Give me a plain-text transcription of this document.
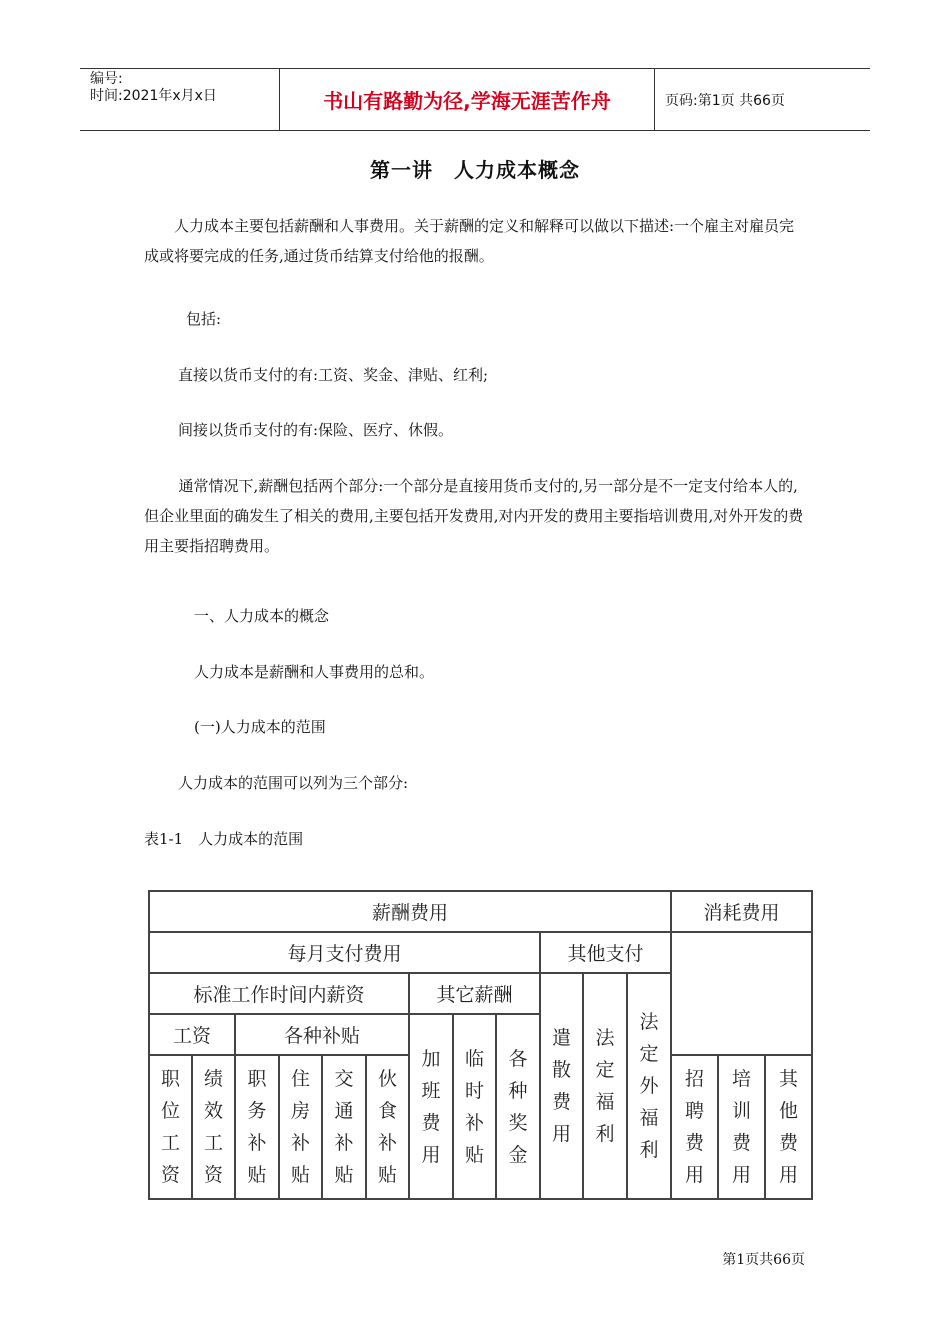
编号:
时间:2021年x月x日	书山有路勤为径,学海无涯苦作舟	页码:第1页 共66页
第一讲　人力成本概念

人力成本主要包括薪酬和人事费用。关于薪酬的定义和解释可以做以下描述:一个雇主对雇员完成或将要完成的任务,通过货币结算支付给他的报酬。

包括:

直接以货币支付的有:工资、奖金、津贴、红利;

间接以货币支付的有:保险、医疗、休假。

通常情况下,薪酬包括两个部分:一个部分是直接用货币支付的,另一部分是不一定支付给本人的,但企业里面的确发生了相关的费用,主要包括开发费用,对内开发的费用主要指培训费用,对外开发的费用主要指招聘费用。

一、人力成本的概念

人力成本是薪酬和人事费用的总和。

(一)人力成本的范围

人力成本的范围可以列为三个部分:

表1-1　人力成本的范围

薪酬费用												消耗费用		
每月支付费用									其他支付					
标准工作时间内薪资						其它薪酬			遣散费用	法定福利	法定外福利			
工资		各种补贴				加班费用	临时补贴	各种奖金						
职位工资	绩效工资	职务补贴	住房补贴	交通补贴	伙食补贴							招聘费用	培训费用	其他费用
第1页共66页
